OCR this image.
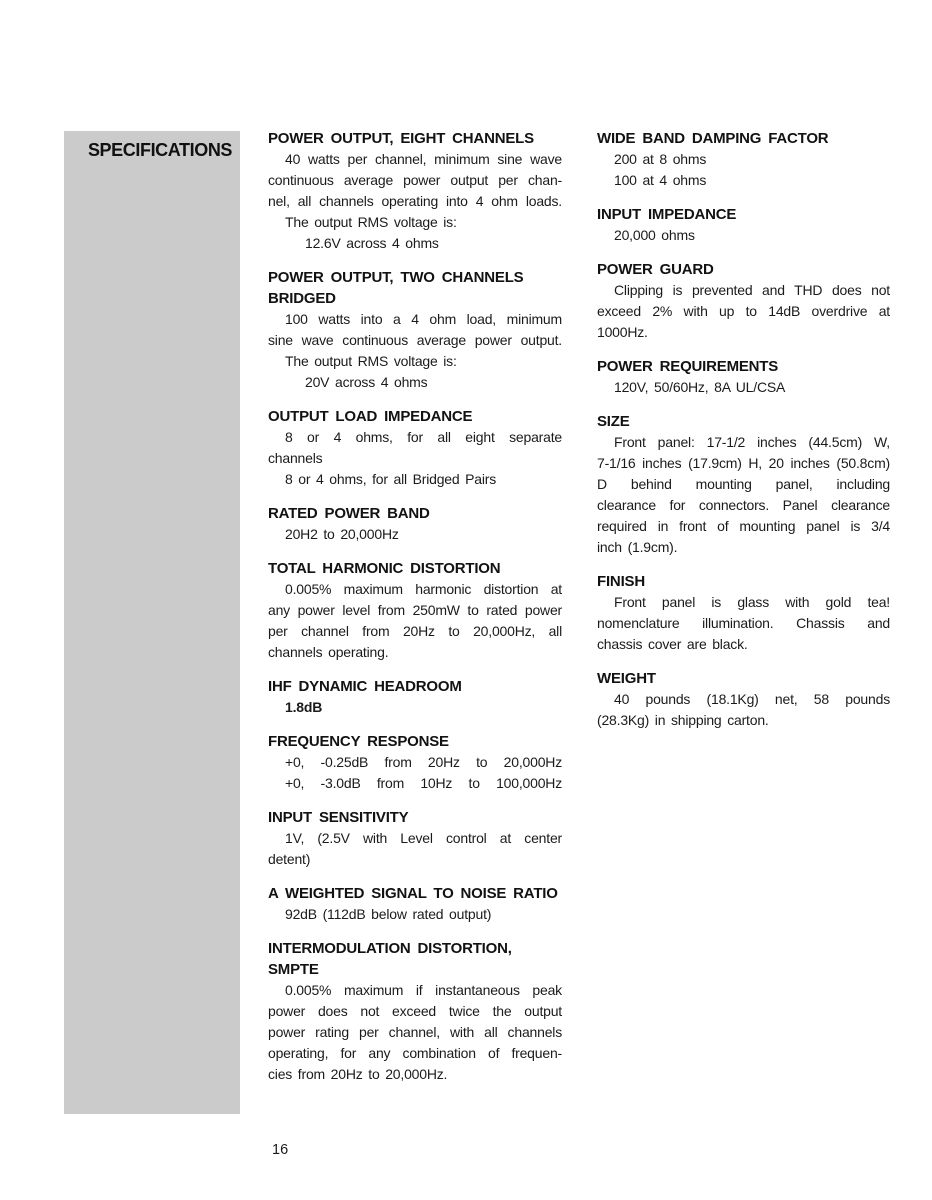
SPECIFICATIONS
POWER OUTPUT, EIGHT CHANNELS
40 watts per channel, minimum sine wave
continuous average power output per chan-
nel, all channels operating into 4 ohm loads.
The output RMS voltage is:
12.6V across 4 ohms
POWER OUTPUT, TWO CHANNELS
BRIDGED
100 watts into a 4 ohm load, minimum
sine wave continuous average power output.
The output RMS voltage is:
20V across 4 ohms
OUTPUT LOAD IMPEDANCE
8 or 4 ohms, for all eight separate
channels
8 or 4 ohms, for all Bridged Pairs
RATED POWER BAND
20H2 to 20,000Hz
TOTAL HARMONIC DISTORTION
0.005% maximum harmonic distortion at
any power level from 250mW to rated power
per channel from 20Hz to 20,000Hz, all
channels operating.
IHF DYNAMIC HEADROOM
1.8dB
FREQUENCY RESPONSE
+0, -0.25dB from 20Hz to 20,000Hz
+0, -3.0dB from 10Hz to 100,000Hz
INPUT SENSITIVITY
1V, (2.5V with Level control at center
detent)
A WEIGHTED SIGNAL TO NOISE RATIO
92dB (112dB below rated output)
INTERMODULATION DISTORTION,
SMPTE
0.005% maximum if instantaneous peak
power does not exceed twice the output
power rating per channel, with all channels
operating, for any combination of frequen-
cies from 20Hz to 20,000Hz.
WIDE BAND DAMPING FACTOR
200 at 8 ohms
100 at 4 ohms
INPUT IMPEDANCE
20,000 ohms
POWER GUARD
Clipping is prevented and THD does not
exceed 2% with up to 14dB overdrive at
1000Hz.
POWER REQUIREMENTS
120V, 50/60Hz, 8A UL/CSA
SIZE
Front panel: 17-1/2 inches (44.5cm) W,
7-1/16 inches (17.9cm) H, 20 inches (50.8cm)
D behind mounting panel, including
clearance for connectors. Panel clearance
required in front of mounting panel is 3/4
inch (1.9cm).
FINISH
Front panel is glass with gold tea!
nomenclature illumination. Chassis and
chassis cover are black.
WEIGHT
40 pounds (18.1Kg) net, 58 pounds
(28.3Kg) in shipping carton.
16
